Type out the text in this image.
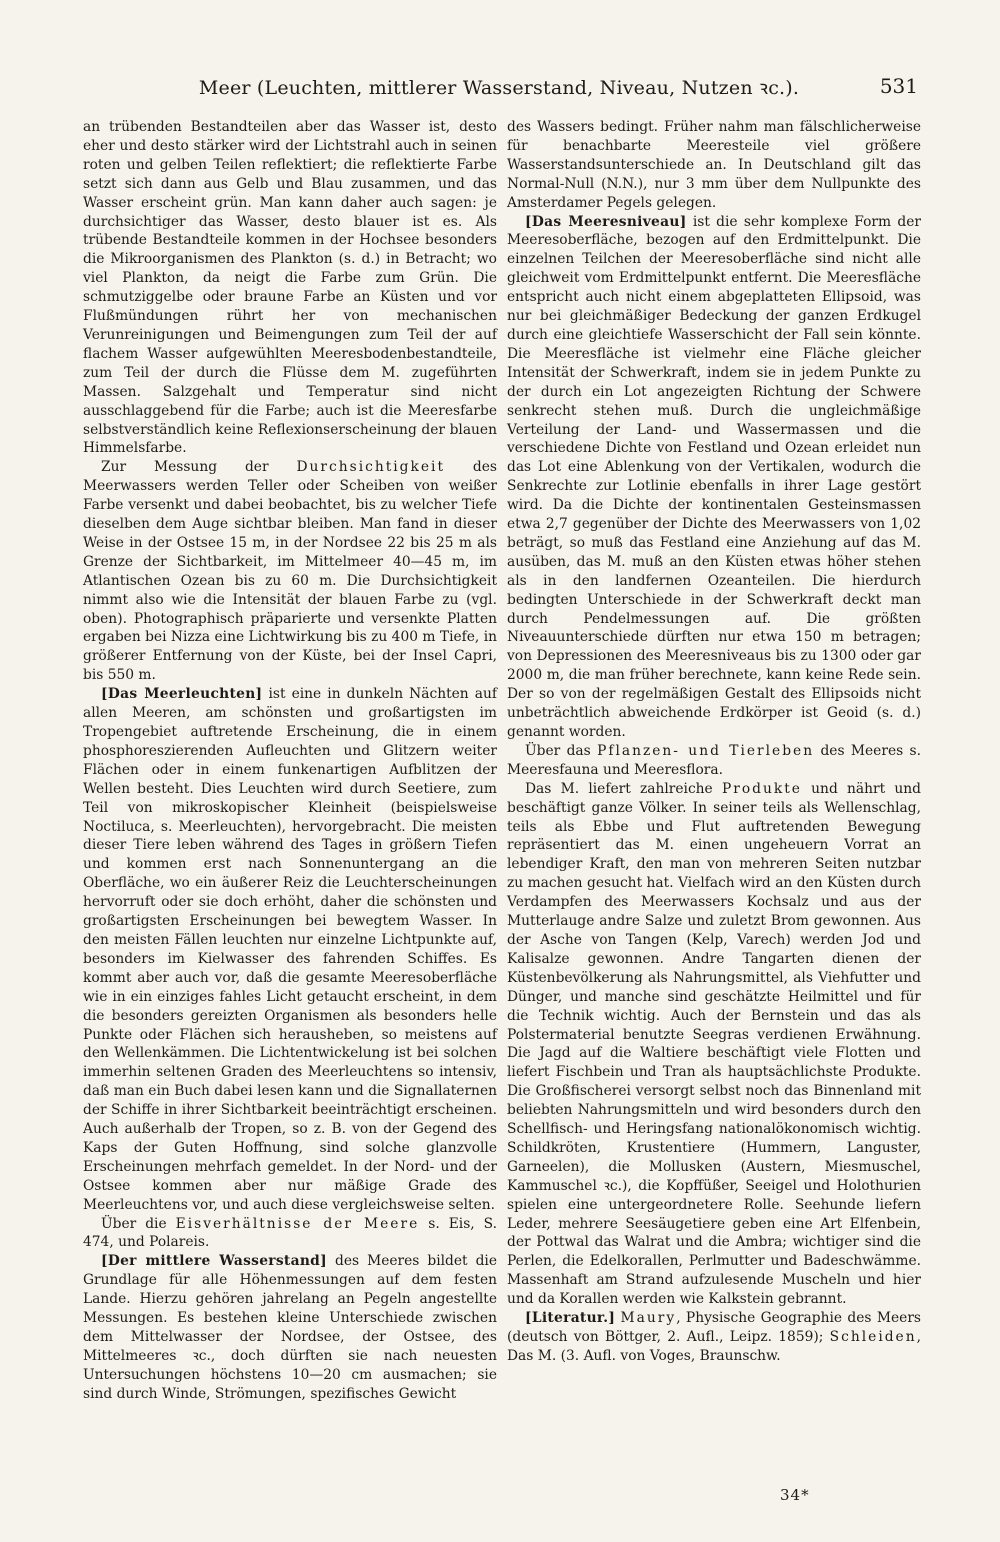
Meer (Leuchten, mittlerer Wasserstand, Niveau, Nutzen ꝛc.).	531

an trübenden Bestandteilen aber das Wasser ist, desto eher und desto stärker wird der Lichtstrahl auch in seinen roten und gelben Teilen reflektiert; die reflektierte Farbe setzt sich dann aus Gelb und Blau zusammen, und das Wasser erscheint grün. Man kann daher auch sagen: je durchsichtiger das Wasser, desto blauer ist es. Als trübende Bestandteile kommen in der Hochsee besonders die Mikroorganismen des Plankton (s. d.) in Betracht; wo viel Plankton, da neigt die Farbe zum Grün. Die schmutziggelbe oder braune Farbe an Küsten und vor Flußmündungen rührt her von mechanischen Verunreinigungen und Beimengungen zum Teil der auf flachem Wasser aufgewühlten Meeresbodenbestandteile, zum Teil der durch die Flüsse dem M. zugeführten Massen. Salzgehalt und Temperatur sind nicht ausschlaggebend für die Farbe; auch ist die Meeresfarbe selbstverständlich keine Reflexionserscheinung der blauen Himmelsfarbe.

Zur Messung der Durchsichtigkeit des Meerwassers werden Teller oder Scheiben von weißer Farbe versenkt und dabei beobachtet, bis zu welcher Tiefe dieselben dem Auge sichtbar bleiben. Man fand in dieser Weise in der Ostsee 15 m, in der Nordsee 22 bis 25 m als Grenze der Sichtbarkeit, im Mittelmeer 40—45 m, im Atlantischen Ozean bis zu 60 m. Die Durchsichtigkeit nimmt also wie die Intensität der blauen Farbe zu (vgl. oben). Photographisch präparierte und versenkte Platten ergaben bei Nizza eine Lichtwirkung bis zu 400 m Tiefe, in größerer Entfernung von der Küste, bei der Insel Capri, bis 550 m.

[Das Meerleuchten] ist eine in dunkeln Nächten auf allen Meeren, am schönsten und großartigsten im Tropengebiet auftretende Erscheinung, die in einem phosphoreszierenden Aufleuchten und Glitzern weiter Flächen oder in einem funkenartigen Aufblitzen der Wellen besteht. Dies Leuchten wird durch Seetiere, zum Teil von mikroskopischer Kleinheit (beispielsweise Noctiluca, s. Meerleuchten), hervorgebracht. Die meisten dieser Tiere leben während des Tages in größern Tiefen und kommen erst nach Sonnenuntergang an die Oberfläche, wo ein äußerer Reiz die Leuchterscheinungen hervorruft oder sie doch erhöht, daher die schönsten und großartigsten Erscheinungen bei bewegtem Wasser. In den meisten Fällen leuchten nur einzelne Lichtpunkte auf, besonders im Kielwasser des fahrenden Schiffes. Es kommt aber auch vor, daß die gesamte Meeresoberfläche wie in ein einziges fahles Licht getaucht erscheint, in dem die besonders gereizten Organismen als besonders helle Punkte oder Flächen sich herausheben, so meistens auf den Wellenkämmen. Die Lichtentwickelung ist bei solchen immerhin seltenen Graden des Meerleuchtens so intensiv, daß man ein Buch dabei lesen kann und die Signallaternen der Schiffe in ihrer Sichtbarkeit beeinträchtigt erscheinen. Auch außerhalb der Tropen, so z. B. von der Gegend des Kaps der Guten Hoffnung, sind solche glanzvolle Erscheinungen mehrfach gemeldet. In der Nord- und der Ostsee kommen aber nur mäßige Grade des Meerleuchtens vor, und auch diese vergleichsweise selten.

Über die Eisverhältnisse der Meere s. Eis, S. 474, und Polareis.

[Der mittlere Wasserstand] des Meeres bildet die Grundlage für alle Höhenmessungen auf dem festen Lande. Hierzu gehören jahrelang an Pegeln angestellte Messungen. Es bestehen kleine Unterschiede zwischen dem Mittelwasser der Nordsee, der Ostsee, des Mittelmeeres ꝛc., doch dürften sie nach neuesten Untersuchungen höchstens 10—20 cm ausmachen; sie sind durch Winde, Strömungen, spezifisches Gewicht

des Wassers bedingt. Früher nahm man fälschlicherweise für benachbarte Meeresteile viel größere Wasserstandsunterschiede an. In Deutschland gilt das Normal-Null (N.N.), nur 3 mm über dem Nullpunkte des Amsterdamer Pegels gelegen.

[Das Meeresniveau] ist die sehr komplexe Form der Meeresoberfläche, bezogen auf den Erdmittelpunkt. Die einzelnen Teilchen der Meeresoberfläche sind nicht alle gleichweit vom Erdmittelpunkt entfernt. Die Meeresfläche entspricht auch nicht einem abgeplatteten Ellipsoid, was nur bei gleichmäßiger Bedeckung der ganzen Erdkugel durch eine gleichtiefe Wasserschicht der Fall sein könnte. Die Meeresfläche ist vielmehr eine Fläche gleicher Intensität der Schwerkraft, indem sie in jedem Punkte zu der durch ein Lot angezeigten Richtung der Schwere senkrecht stehen muß. Durch die ungleichmäßige Verteilung der Land- und Wassermassen und die verschiedene Dichte von Festland und Ozean erleidet nun das Lot eine Ablenkung von der Vertikalen, wodurch die Senkrechte zur Lotlinie ebenfalls in ihrer Lage gestört wird. Da die Dichte der kontinentalen Gesteinsmassen etwa 2,7 gegenüber der Dichte des Meerwassers von 1,02 beträgt, so muß das Festland eine Anziehung auf das M. ausüben, das M. muß an den Küsten etwas höher stehen als in den landfernen Ozeanteilen. Die hierdurch bedingten Unterschiede in der Schwerkraft deckt man durch Pendelmessungen auf. Die größten Niveauunterschiede dürften nur etwa 150 m betragen; von Depressionen des Meeresniveaus bis zu 1300 oder gar 2000 m, die man früher berechnete, kann keine Rede sein. Der so von der regelmäßigen Gestalt des Ellipsoids nicht unbeträchtlich abweichende Erdkörper ist Geoid (s. d.) genannt worden.

Über das Pflanzen- und Tierleben des Meeres s. Meeresfauna und Meeresflora.

Das M. liefert zahlreiche Produkte und nährt und beschäftigt ganze Völker. In seiner teils als Wellenschlag, teils als Ebbe und Flut auftretenden Bewegung repräsentiert das M. einen ungeheuern Vorrat an lebendiger Kraft, den man von mehreren Seiten nutzbar zu machen gesucht hat. Vielfach wird an den Küsten durch Verdampfen des Meerwassers Kochsalz und aus der Mutterlauge andre Salze und zuletzt Brom gewonnen. Aus der Asche von Tangen (Kelp, Varech) werden Jod und Kalisalze gewonnen. Andre Tangarten dienen der Küstenbevölkerung als Nahrungsmittel, als Viehfutter und Dünger, und manche sind geschätzte Heilmittel und für die Technik wichtig. Auch der Bernstein und das als Polstermaterial benutzte Seegras verdienen Erwähnung. Die Jagd auf die Waltiere beschäftigt viele Flotten und liefert Fischbein und Tran als hauptsächlichste Produkte. Die Großfischerei versorgt selbst noch das Binnenland mit beliebten Nahrungsmitteln und wird besonders durch den Schellfisch- und Heringsfang nationalökonomisch wichtig. Schildkröten, Krustentiere (Hummern, Languster, Garneelen), die Mollusken (Austern, Miesmuschel, Kammuschel ꝛc.), die Kopffüßer, Seeigel und Holothurien spielen eine untergeordnetere Rolle. Seehunde liefern Leder, mehrere Seesäugetiere geben eine Art Elfenbein, der Pottwal das Walrat und die Ambra; wichtiger sind die Perlen, die Edelkorallen, Perlmutter und Badeschwämme. Massenhaft am Strand aufzulesende Muscheln und hier und da Korallen werden wie Kalkstein gebrannt.

[Literatur.] Maury, Physische Geographie des Meers (deutsch von Böttger, 2. Aufl., Leipz. 1859); Schleiden, Das M. (3. Aufl. von Voges, Braunschw.

34*
